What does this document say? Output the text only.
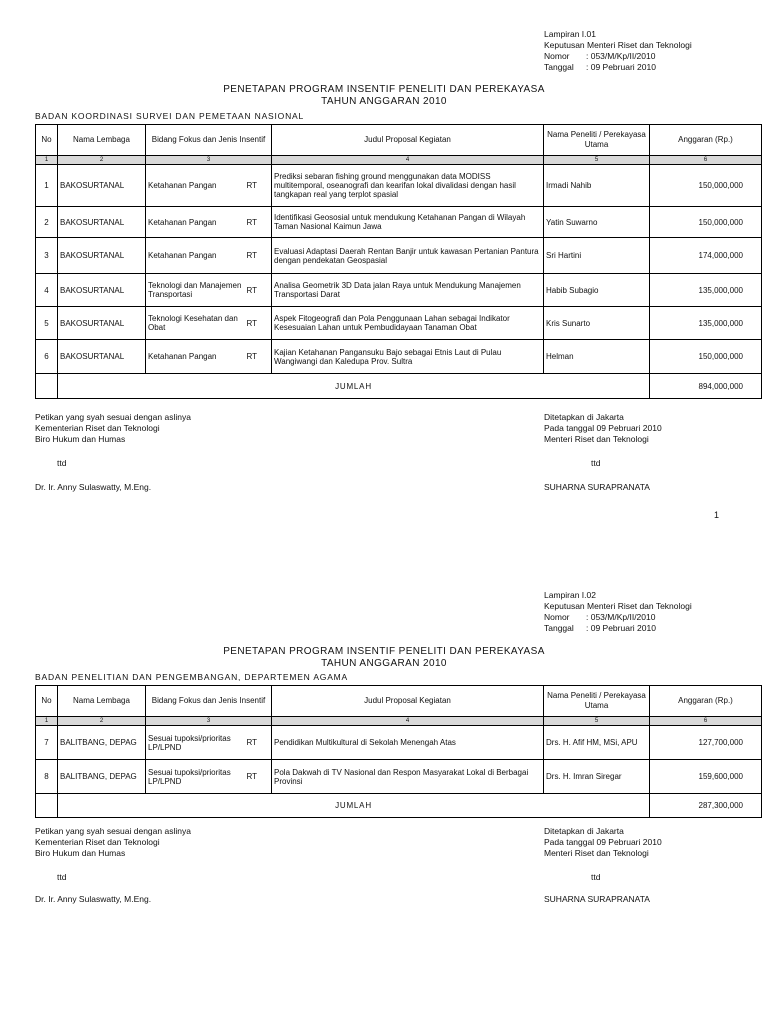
Lampiran I.01
Keputusan Menteri Riset dan Teknologi
Nomor : 053/M/Kp/II/2010
Tanggal : 09 Pebruari 2010
PENETAPAN PROGRAM INSENTIF PENELITI DAN PEREKAYASA
TAHUN ANGGARAN 2010
BADAN KOORDINASI SURVEI DAN PEMETAAN NASIONAL
No	Nama Lembaga	Bidang Fokus dan Jenis Insentif	Judul Proposal Kegiatan	Nama Peneliti / Perekayasa Utama	Anggaran (Rp.)
1	2	3	4	5	6
1	BAKOSURTANAL	Ketahanan Pangan RT	Prediksi sebaran fishing ground menggunakan data MODISS multitemporal, oseanografi dan kearifan lokal divalidasi dengan hasil tangkapan real yang terplot spasial	Irmadi Nahib	150,000,000
2	BAKOSURTANAL	Ketahanan Pangan RT	Identifikasi Geososial untuk mendukung Ketahanan Pangan di Wilayah Taman Nasional Kaimun Jawa	Yatin Suwarno	150,000,000
3	BAKOSURTANAL	Ketahanan Pangan RT	Evaluasi Adaptasi Daerah Rentan Banjir untuk kawasan Pertanian Pantura dengan pendekatan Geospasial	Sri Hartini	174,000,000
4	BAKOSURTANAL	Teknologi dan Manajemen Transportasi RT	Analisa Geometrik 3D Data jalan Raya untuk Mendukung Manajemen Transportasi Darat	Habib Subagio	135,000,000
5	BAKOSURTANAL	Teknologi Kesehatan dan Obat RT	Aspek Fitogeografi dan Pola Penggunaan Lahan sebagai Indikator Kesesuaian Lahan untuk Pembudidayaan Tanaman Obat	Kris Sunarto	135,000,000
6	BAKOSURTANAL	Ketahanan Pangan RT	Kajian Ketahanan Pangansuku Bajo sebagai Etnis Laut di Pulau Wangiwangi dan Kaledupa Prov. Sultra	Helman	150,000,000
	JUMLAH				894,000,000
Petikan yang syah sesuai dengan aslinya
Kementerian Riset dan Teknologi
Biro Hukum dan Humas
ttd
Dr. Ir. Anny Sulaswatty, M.Eng.
Ditetapkan di Jakarta
Pada tanggal 09 Pebruari 2010
Menteri Riset dan Teknologi
ttd
SUHARNA SURAPRANATA
1
Lampiran I.02
Keputusan Menteri Riset dan Teknologi
Nomor : 053/M/Kp/II/2010
Tanggal : 09 Pebruari 2010
PENETAPAN PROGRAM INSENTIF PENELITI DAN PEREKAYASA
TAHUN ANGGARAN 2010
BADAN PENELITIAN DAN PENGEMBANGAN, DEPARTEMEN AGAMA
No	Nama Lembaga	Bidang Fokus dan Jenis Insentif	Judul Proposal Kegiatan	Nama Peneliti / Perekayasa Utama	Anggaran (Rp.)
1	2	3	4	5	6
7	BALITBANG, DEPAG	Sesuai tupoksi/prioritas LP/LPND RT	Pendidikan Multikultural di Sekolah Menengah Atas	Drs. H. Afif HM, MSi, APU	127,700,000
8	BALITBANG, DEPAG	Sesuai tupoksi/prioritas LP/LPND RT	Pola Dakwah di TV Nasional dan Respon Masyarakat Lokal di Berbagai Provinsi	Drs. H. Imran Siregar	159,600,000
	JUMLAH				287,300,000
Petikan yang syah sesuai dengan aslinya
Kementerian Riset dan Teknologi
Biro Hukum dan Humas
ttd
Dr. Ir. Anny Sulaswatty, M.Eng.
Ditetapkan di Jakarta
Pada tanggal 09 Pebruari 2010
Menteri Riset dan Teknologi
ttd
SUHARNA SURAPRANATA
